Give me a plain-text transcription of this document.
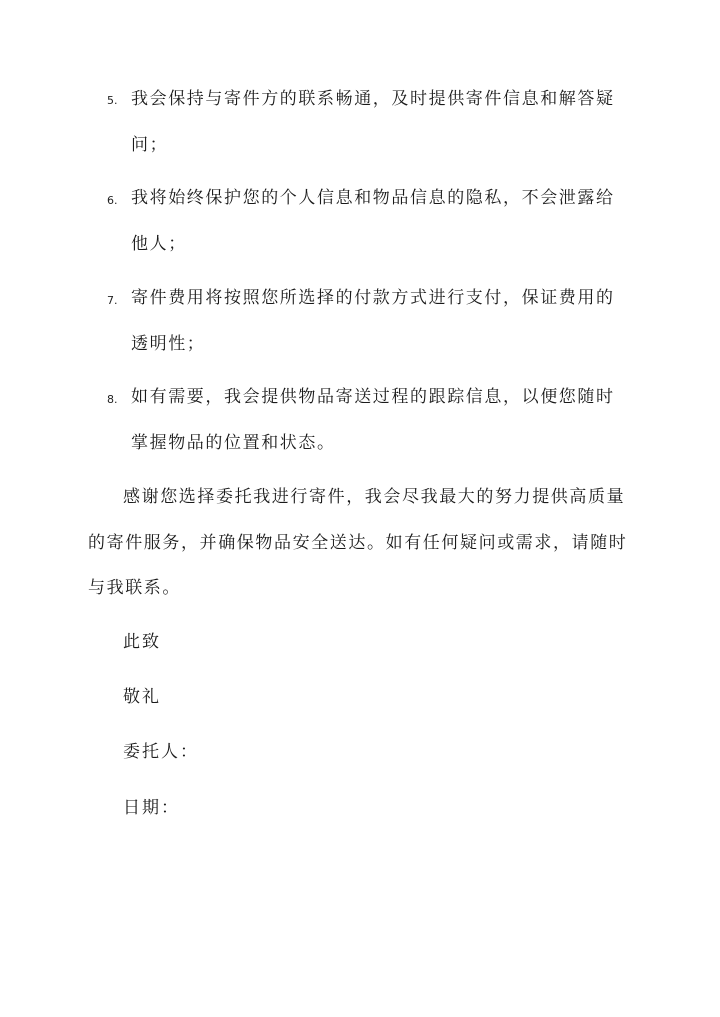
5. 我会保持与寄件方的联系畅通，及时提供寄件信息和解答疑
问；
6. 我将始终保护您的个人信息和物品信息的隐私，不会泄露给
他人；
7. 寄件费用将按照您所选择的付款方式进行支付，保证费用的
透明性；
8. 如有需要，我会提供物品寄送过程的跟踪信息，以便您随时
掌握物品的位置和状态。
感谢您选择委托我进行寄件，我会尽我最大的努力提供高质量
的寄件服务，并确保物品安全送达。如有任何疑问或需求，请随时
与我联系。
此致
敬礼
委托人：
日期：
